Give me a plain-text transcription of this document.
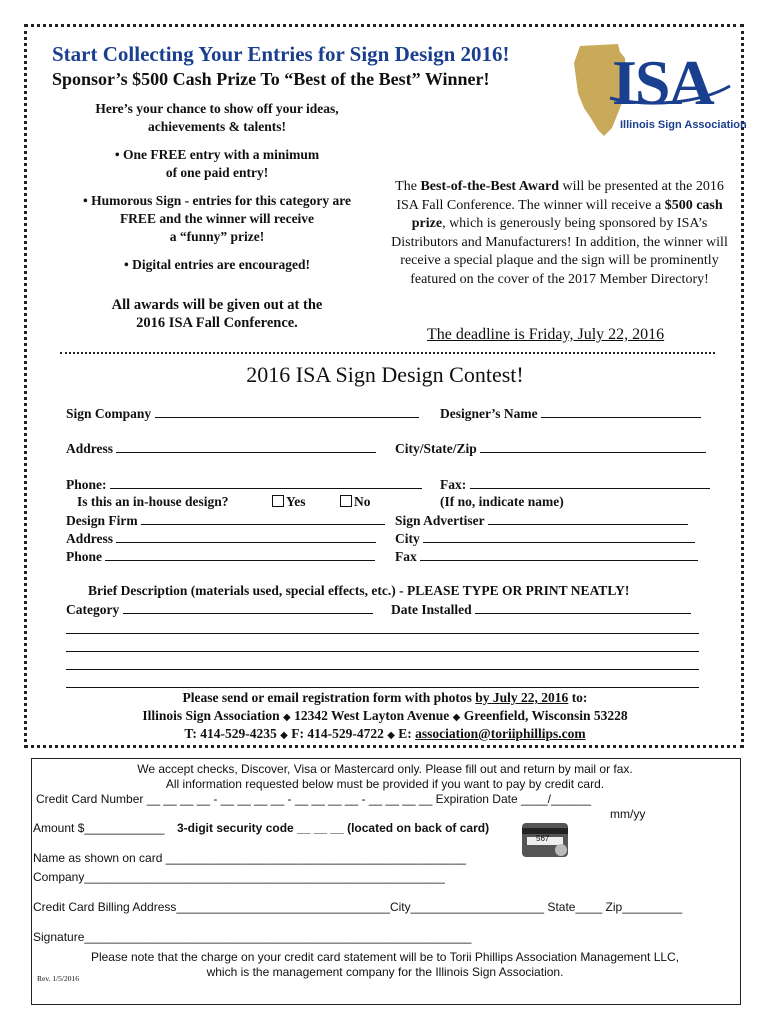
Start Collecting Your Entries for Sign Design 2016!
Sponsor’s $500 Cash Prize To “Best of the Best” Winner! ISA
Illinois Sign Association

Here’s your chance to show off your ideas,

achievements & talents!

• One FREE entry with a minimum

of one paid entry!

• Humorous Sign - entries for this category are

FREE and the winner will receive

a “funny” prize!

• Digital entries are encouraged!

All awards will be given out at the

2016 ISA Fall Conference.

The Best-of-the-Best Award will be presented at the 2016 ISA Fall Conference. The winner will receive a $500 cash prize, which is generously being sponsored by ISA’s Distributors and Manufacturers! In addition, the winner will receive a special plaque and the sign will be prominently featured on the cover of the 2017 Member Directory!
The deadline is Friday, July 22, 2016
2016 ISA Sign Design Contest!
Sign Company	Designer’s Name
Address	City/State/Zip
Phone:	Fax:
Is this an in-house design?	Yes	No	(If no, indicate name)
Design Firm	Sign Advertiser
Address	City
Phone	Fax
Brief Description (materials used, special effects, etc.) - PLEASE TYPE OR PRINT NEATLY!
Category	Date Installed
Please send or email registration form with photos by July 22, 2016 to:
Illinois Sign Association ◆ 12342 West Layton Avenue ◆ Greenfield, Wisconsin 53228
T: 414-529-4235 ◆ F: 414-529-4722 ◆ E: association@toriiphillips.com
We accept checks, Discover, Visa or Mastercard only. Please fill out and return by mail or fax.
All information requested below must be provided if you want to pay by credit card.
Credit Card Number __ __ __ __ - __ __ __ __ - __ __ __ __ - __ __ __ __ Expiration Date ____/______
mm/yy
Amount $____________ 3-digit security code __ __ __ (located on back of card)
567
Name as shown on card _____________________________________________
Company______________________________________________________
Credit Card Billing Address________________________________City____________________ State____ Zip_________
Signature__________________________________________________________
Please note that the charge on your credit card statement will be to Torii Phillips Association Management LLC,
which is the management company for the Illinois Sign Association.
Rev. 1/5/2016
